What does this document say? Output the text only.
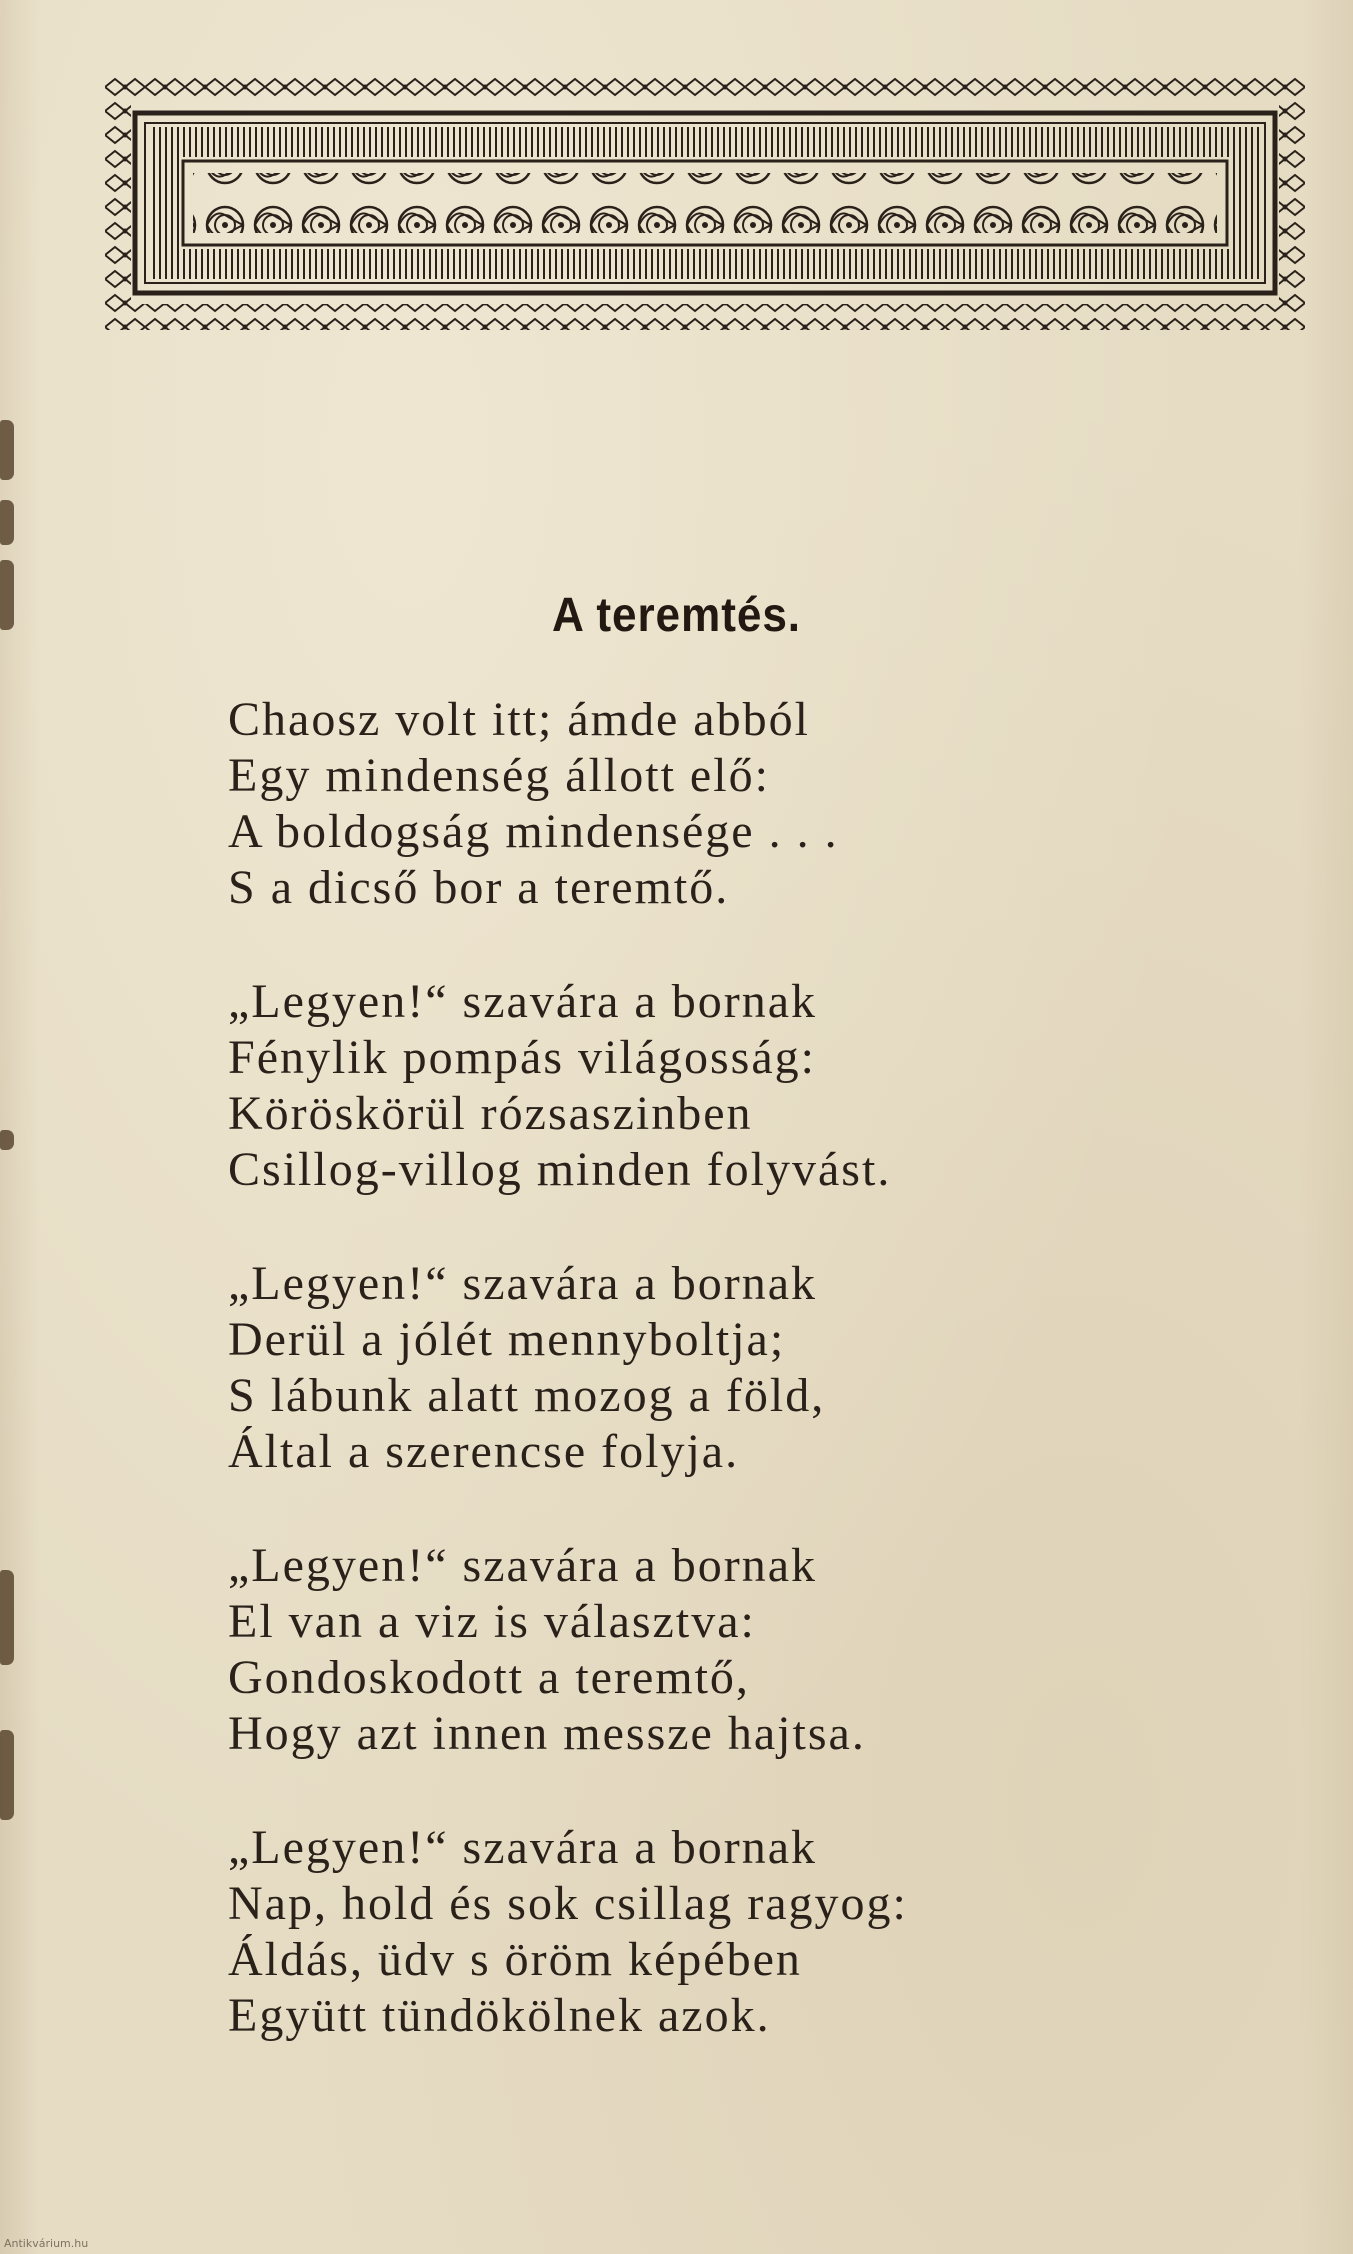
A teremtés.
Chaosz volt itt; ámde abból
Egy mindenség állott elő:
A boldogság mindensége . . .
S a dicső bor a teremtő.
„Legyen!“ szavára a bornak
Fénylik pompás világosság:
Köröskörül rózsaszinben
Csillog-villog minden folyvást.
„Legyen!“ szavára a bornak
Derül a jólét mennyboltja;
S lábunk alatt mozog a föld,
Által a szerencse folyja.
„Legyen!“ szavára a bornak
El van a viz is választva:
Gondoskodott a teremtő,
Hogy azt innen messze hajtsa.
„Legyen!“ szavára a bornak
Nap, hold és sok csillag ragyog:
Áldás, üdv s öröm képében
Együtt tündökölnek azok.
Antikvárium.hu
